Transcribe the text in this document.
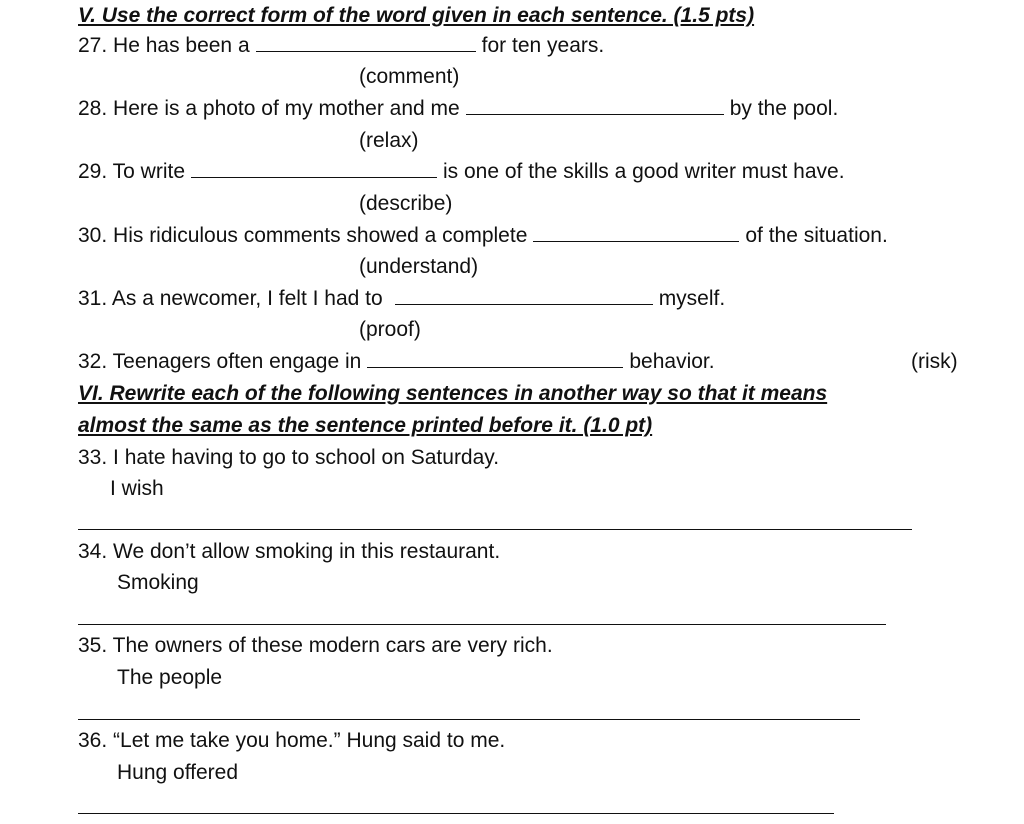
V. Use the correct form of the word given in each sentence. (1.5 pts)
27. He has been a	for ten years.
(comment)
28. Here is a photo of my mother and me	by the pool.
(relax)
29. To write	is one of the skills a good writer must have.
(describe)
30. His ridiculous comments showed a complete	of the situation.
(understand)
31. As a newcomer, I felt I had to	myself.
(proof)
32. Teenagers often engage in	behavior.	(risk)
VI. Rewrite each of the following sentences in another way so that it means
almost the same as the sentence printed before it. (1.0 pt)
33. I hate having to go to school on Saturday.
I wish
34. We don’t allow smoking in this restaurant.
Smoking
35. The owners of these modern cars are very rich.
The people
36. “Let me take you home.” Hung said to me.
Hung offered
